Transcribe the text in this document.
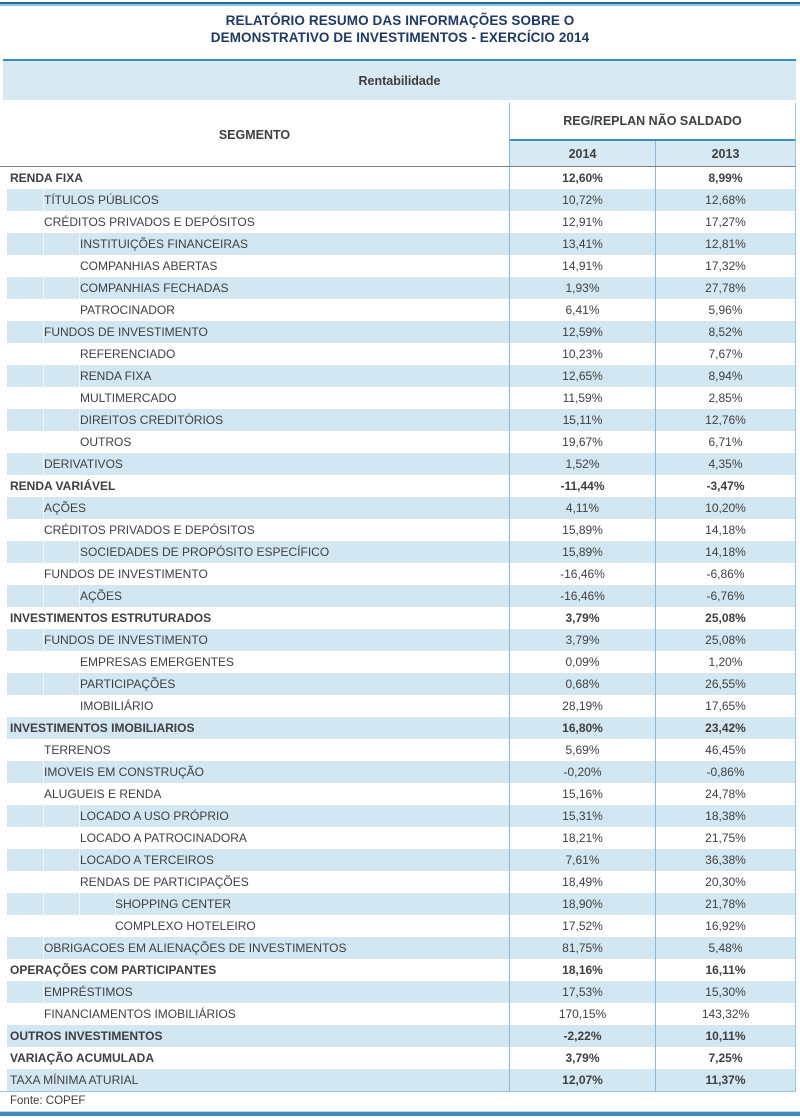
RELATÓRIO RESUMO DAS INFORMAÇÕES SOBRE O
DEMONSTRATIVO DE INVESTIMENTOS - EXERCÍCIO 2014
Rentabilidade
SEGMENTO
REG/REPLAN NÃO SALDADO
2014	2013
RENDA FIXA	12,60%	8,99%
TÍTULOS PÚBLICOS	10,72%	12,68%
CRÉDITOS PRIVADOS E DEPÓSITOS	12,91%	17,27%
INSTITUIÇÕES FINANCEIRAS	13,41%	12,81%
COMPANHIAS ABERTAS	14,91%	17,32%
COMPANHIAS FECHADAS	1,93%	27,78%
PATROCINADOR	6,41%	5,96%
FUNDOS DE INVESTIMENTO	12,59%	8,52%
REFERENCIADO	10,23%	7,67%
RENDA FIXA	12,65%	8,94%
MULTIMERCADO	11,59%	2,85%
DIREITOS CREDITÓRIOS	15,11%	12,76%
OUTROS	19,67%	6,71%
DERIVATIVOS	1,52%	4,35%
RENDA VARIÁVEL	-11,44%	-3,47%
AÇÕES	4,11%	10,20%
CRÉDITOS PRIVADOS E DEPÓSITOS	15,89%	14,18%
SOCIEDADES DE PROPÓSITO ESPECÍFICO	15,89%	14,18%
FUNDOS DE INVESTIMENTO	-16,46%	-6,86%
AÇÕES	-16,46%	-6,76%
INVESTIMENTOS ESTRUTURADOS	3,79%	25,08%
FUNDOS DE INVESTIMENTO	3,79%	25,08%
EMPRESAS EMERGENTES	0,09%	1,20%
PARTICIPAÇÕES	0,68%	26,55%
IMOBILIÁRIO	28,19%	17,65%
INVESTIMENTOS IMOBILIARIOS	16,80%	23,42%
TERRENOS	5,69%	46,45%
IMOVEIS EM CONSTRUÇÃO	-0,20%	-0,86%
ALUGUEIS E RENDA	15,16%	24,78%
LOCADO A USO PRÓPRIO	15,31%	18,38%
LOCADO A PATROCINADORA	18,21%	21,75%
LOCADO A TERCEIROS	7,61%	36,38%
RENDAS DE PARTICIPAÇÕES	18,49%	20,30%
SHOPPING CENTER	18,90%	21,78%
COMPLEXO HOTELEIRO	17,52%	16,92%
OBRIGACOES EM ALIENAÇÕES DE INVESTIMENTOS	81,75%	5,48%
OPERAÇÕES COM PARTICIPANTES	18,16%	16,11%
EMPRÉSTIMOS	17,53%	15,30%
FINANCIAMENTOS IMOBILIÁRIOS	170,15%	143,32%
OUTROS INVESTIMENTOS	-2,22%	10,11%
VARIAÇÃO ACUMULADA	3,79%	7,25%
TAXA MÍNIMA ATURIAL	12,07%	11,37%
Fonte: COPEF
